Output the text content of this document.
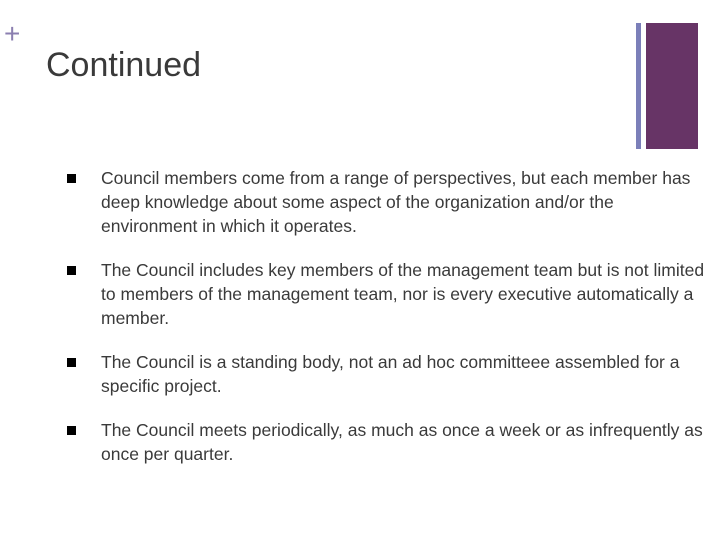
+
Continued
Council members come from a range of perspectives, but each member has deep knowledge about some aspect of the organization and/or the environment in which it operates.
The Council includes key members of the management team but is not limited to members of the management team, nor is every executive automatically a member.
The Council is a standing body, not an ad hoc committeee assembled for a specific project.
The Council meets periodically, as much as once a week or as infrequently as once per quarter.
